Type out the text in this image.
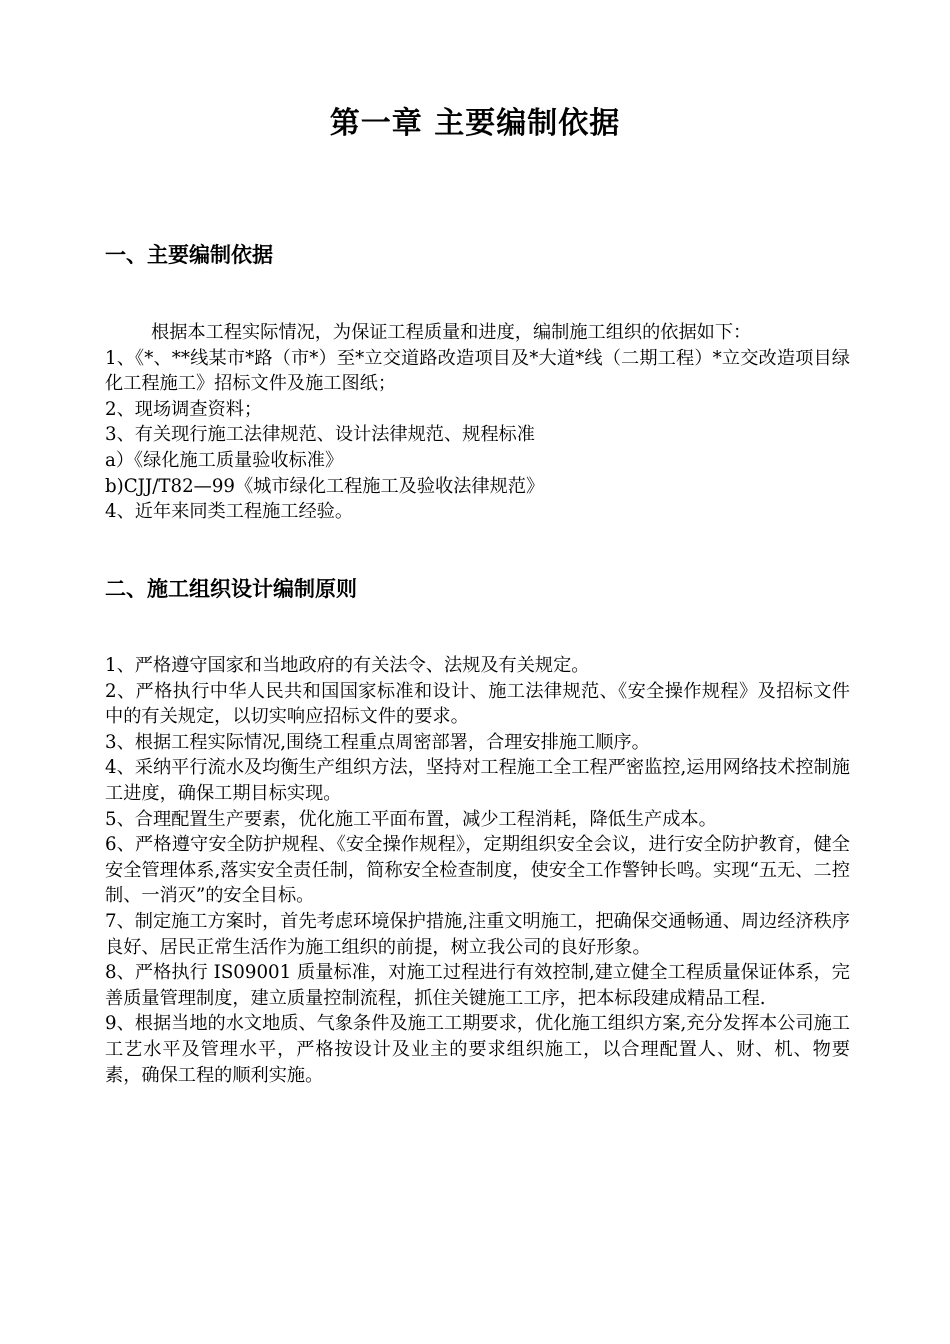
第一章 主要编制依据
一、主要编制依据

根据本工程实际情况，为保证工程质量和进度，编制施工组织的依据如下：

1、《*、**线某市*路（市*）至*立交道路改造项目及*大道*线（二期工程）*立交改造项目绿化工程施工》招标文件及施工图纸；

2、现场调查资料；

3、有关现行施工法律规范、设计法律规范、规程标准

a）《绿化施工质量验收标准》

b)CJJ/T82—99《城市绿化工程施工及验收法律规范》

4、近年来同类工程施工经验。

二、施工组织设计编制原则

1、严格遵守国家和当地政府的有关法令、法规及有关规定。

2、严格执行中华人民共和国国家标准和设计、施工法律规范、《安全操作规程》及招标文件中的有关规定，以切实响应招标文件的要求。

3、根据工程实际情况,围绕工程重点周密部署，合理安排施工顺序。

4、采纳平行流水及均衡生产组织方法，坚持对工程施工全工程严密监控,运用网络技术控制施工进度，确保工期目标实现。

5、合理配置生产要素，优化施工平面布置，减少工程消耗，降低生产成本。

6、严格遵守安全防护规程、《安全操作规程》，定期组织安全会议，进行安全防护教育，健全安全管理体系,落实安全责任制，简称安全检查制度，使安全工作警钟长鸣。实现“五无、二控制、一消灭”的安全目标。

7、制定施工方案时，首先考虑环境保护措施,注重文明施工，把确保交通畅通、周边经济秩序良好、居民正常生活作为施工组织的前提，树立我公司的良好形象。

8、严格执行 IS09001 质量标准，对施工过程进行有效控制,建立健全工程质量保证体系，完善质量管理制度，建立质量控制流程，抓住关键施工工序，把本标段建成精品工程.

9、根据当地的水文地质、气象条件及施工工期要求，优化施工组织方案,充分发挥本公司施工工艺水平及管理水平，严格按设计及业主的要求组织施工，以合理配置人、财、机、物要素，确保工程的顺利实施。
